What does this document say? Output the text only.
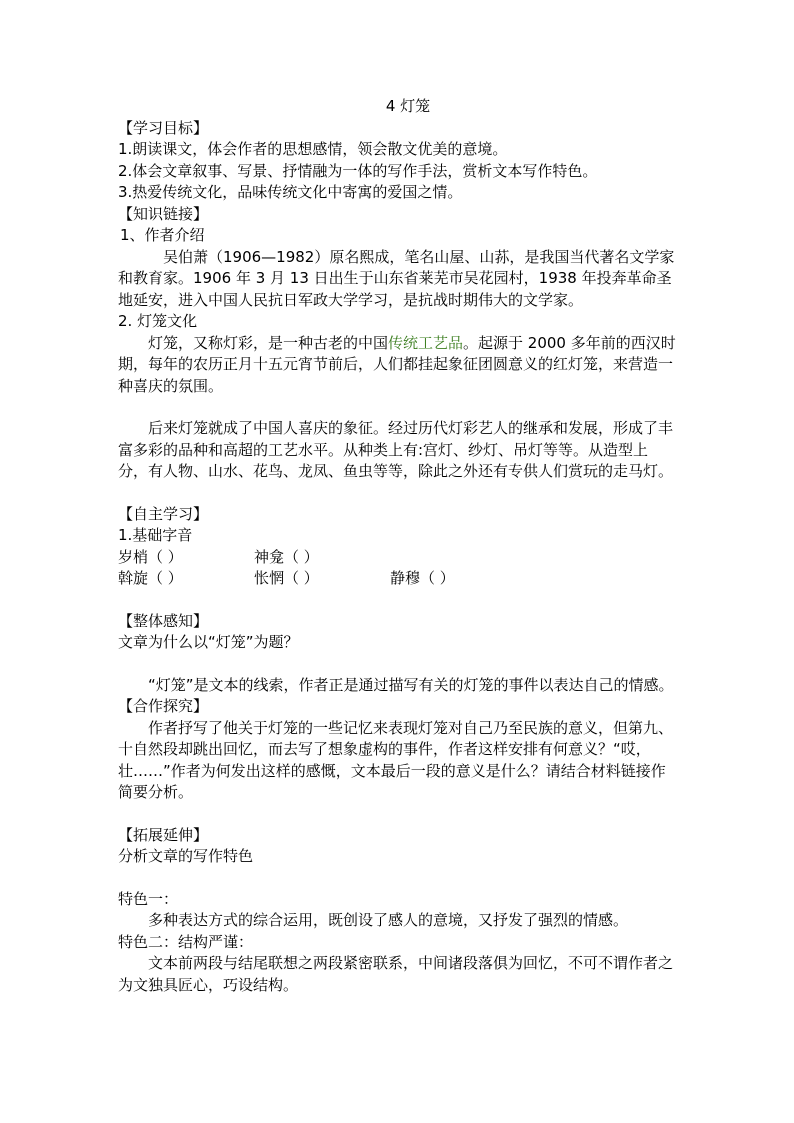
4 灯笼

【学习目标】

1.朗读课文，体会作者的思想感情，领会散文优美的意境。

2.体会文章叙事、写景、抒情融为一体的写作手法，赏析文本写作特色。

3.热爱传统文化，品味传统文化中寄寓的爱国之情。

【知识链接】

1、作者介绍

吴伯萧（1906—1982）原名熙成，笔名山屋、山荪，是我国当代著名文学家和教育家。1906 年 3 月 13 日出生于山东省莱芜市吴花园村，1938 年投奔革命圣地延安，进入中国人民抗日军政大学学习，是抗战时期伟大的文学家。

2. 灯笼文化

灯笼，又称灯彩，是一种古老的中国传统工艺品。起源于 2000 多年前的西汉时期，每年的农历正月十五元宵节前后，人们都挂起象征团圆意义的红灯笼，来营造一种喜庆的氛围。

后来灯笼就成了中国人喜庆的象征。经过历代灯彩艺人的继承和发展，形成了丰富多彩的品种和高超的工艺水平。从种类上有:宫灯、纱灯、吊灯等等。从造型上分，有人物、山水、花鸟、龙凤、鱼虫等等，除此之外还有专供人们赏玩的走马灯。

【自主学习】

1.基础字音

岁梢（ ）	神龛（ ）

斡旋（ ）	怅惘（ ）	静穆（ ）

【整体感知】

文章为什么以“灯笼”为题？

“灯笼”是文本的线索，作者正是通过描写有关的灯笼的事件以表达自己的情感。

【合作探究】

作者抒写了他关于灯笼的一些记忆来表现灯笼对自己乃至民族的意义，但第九、十自然段却跳出回忆，而去写了想象虚构的事件，作者这样安排有何意义？“哎，壮……”作者为何发出这样的感慨，文本最后一段的意义是什么？请结合材料链接作简要分析。

【拓展延伸】

分析文章的写作特色

特色一：

多种表达方式的综合运用，既创设了感人的意境，又抒发了强烈的情感。

特色二：结构严谨：

文本前两段与结尾联想之两段紧密联系，中间诸段落俱为回忆，不可不谓作者之为文独具匠心，巧设结构。
